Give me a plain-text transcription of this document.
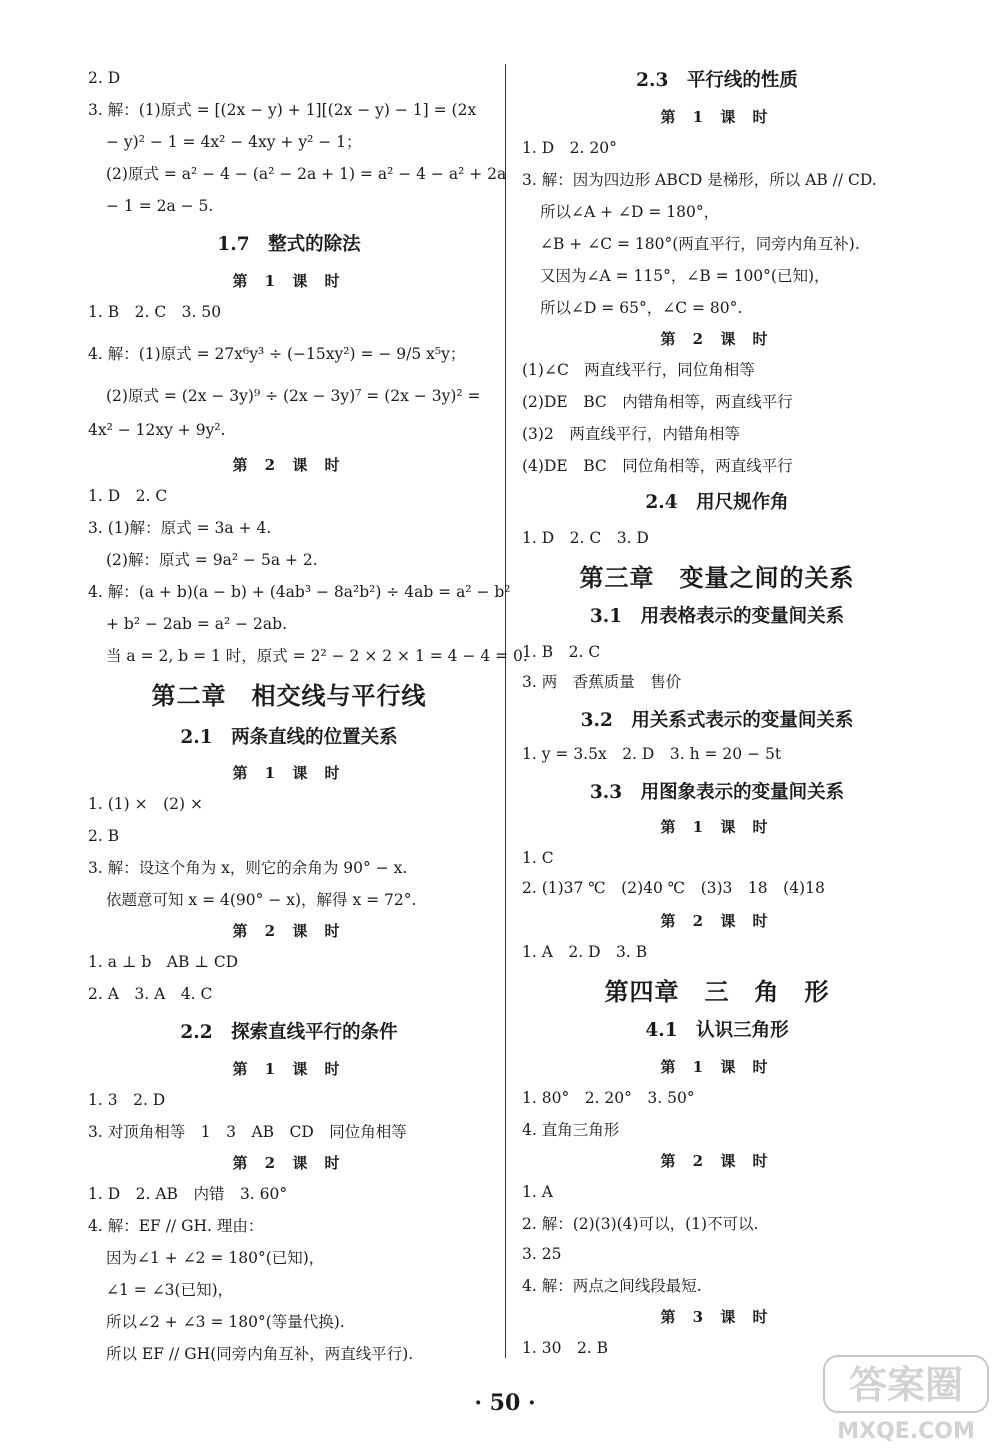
2. D
3. 解：(1)原式 = [(2x − y) + 1][(2x − y) − 1] = (2x
− y)² − 1 = 4x² − 4xy + y² − 1；
(2)原式 = a² − 4 − (a² − 2a + 1) = a² − 4 − a² + 2a
− 1 = 2a − 5.
1.7　整式的除法
第 1 课 时
1. B　2. C　3. 50
4. 解：(1)原式 = 27x⁶y³ ÷ (−15xy²) = − 9/5 x⁵y；
(2)原式 = (2x − 3y)⁹ ÷ (2x − 3y)⁷ = (2x − 3y)² =
4x² − 12xy + 9y².
第 2 课 时
1. D　2. C
3. (1)解：原式 = 3a + 4.
(2)解：原式 = 9a² − 5a + 2.
4. 解：(a + b)(a − b) + (4ab³ − 8a²b²) ÷ 4ab = a² − b²
+ b² − 2ab = a² − 2ab.
当 a = 2, b = 1 时，原式 = 2² − 2 × 2 × 1 = 4 − 4 = 0.
第二章　相交线与平行线
2.1　两条直线的位置关系
第 1 课 时
1. (1) ×　(2) ×
2. B
3. 解：设这个角为 x，则它的余角为 90° − x.
依题意可知 x = 4(90° − x)，解得 x = 72°.
第 2 课 时
1. a ⊥ b　AB ⊥ CD
2. A　3. A　4. C
2.2　探索直线平行的条件
第 1 课 时
1. 3　2. D
3. 对顶角相等　1　3　AB　CD　同位角相等
第 2 课 时
1. D　2. AB　内错　3. 60°
4. 解：EF // GH. 理由：
因为∠1 + ∠2 = 180°(已知)，
∠1 = ∠3(已知)，
所以∠2 + ∠3 = 180°(等量代换).
所以 EF // GH(同旁内角互补，两直线平行).
2.3　平行线的性质
第 1 课 时
1. D　2. 20°
3. 解：因为四边形 ABCD 是梯形，所以 AB // CD.
所以∠A + ∠D = 180°，
∠B + ∠C = 180°(两直平行，同旁内角互补).
又因为∠A = 115°，∠B = 100°(已知)，
所以∠D = 65°，∠C = 80°.
第 2 课 时
(1)∠C　两直线平行，同位角相等
(2)DE　BC　内错角相等，两直线平行
(3)2　两直线平行，内错角相等
(4)DE　BC　同位角相等，两直线平行
2.4　用尺规作角
1. D　2. C　3. D
第三章　变量之间的关系
3.1　用表格表示的变量间关系
1. B　2. C
3. 两　香蕉质量　售价
3.2　用关系式表示的变量间关系
1. y = 3.5x　2. D　3. h = 20 − 5t
3.3　用图象表示的变量间关系
第 1 课 时
1. C
2. (1)37 ℃　(2)40 ℃　(3)3　18　(4)18
第 2 课 时
1. A　2. D　3. B
第四章　三　角　形
4.1　认识三角形
第 1 课 时
1. 80°　2. 20°　3. 50°
4. 直角三角形
第 2 课 时
1. A
2. 解：(2)(3)(4)可以，(1)不可以.
3. 25
4. 解：两点之间线段最短.
第 3 课 时
1. 30　2. B
· 50 ·	答案圈
MXQE.COM
